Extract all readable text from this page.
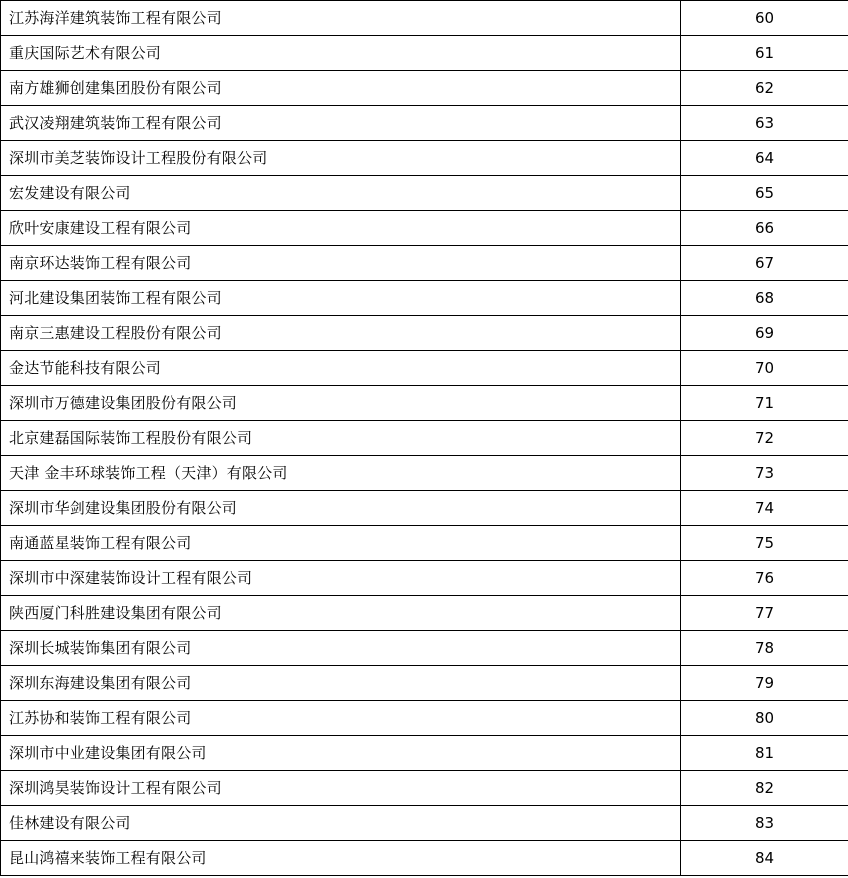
江苏海洋建筑装饰工程有限公司	60
重庆国际艺术有限公司	61
南方雄狮创建集团股份有限公司	62
武汉凌翔建筑装饰工程有限公司	63
深圳市美芝装饰设计工程股份有限公司	64
宏发建设有限公司	65
欣叶安康建设工程有限公司	66
南京环达装饰工程有限公司	67
河北建设集团装饰工程有限公司	68
南京三惠建设工程股份有限公司	69
金达节能科技有限公司	70
深圳市万德建设集团股份有限公司	71
北京建磊国际装饰工程股份有限公司	72
天津 金丰环球装饰工程（天津）有限公司	73
深圳市华剑建设集团股份有限公司	74
南通蓝星装饰工程有限公司	75
深圳市中深建装饰设计工程有限公司	76
陕西厦门科胜建设集团有限公司	77
深圳长城装饰集团有限公司	78
深圳东海建设集团有限公司	79
江苏协和装饰工程有限公司	80
深圳市中业建设集团有限公司	81
深圳鸿昊装饰设计工程有限公司	82
佳林建设有限公司	83
昆山鸿禧来装饰工程有限公司	84
